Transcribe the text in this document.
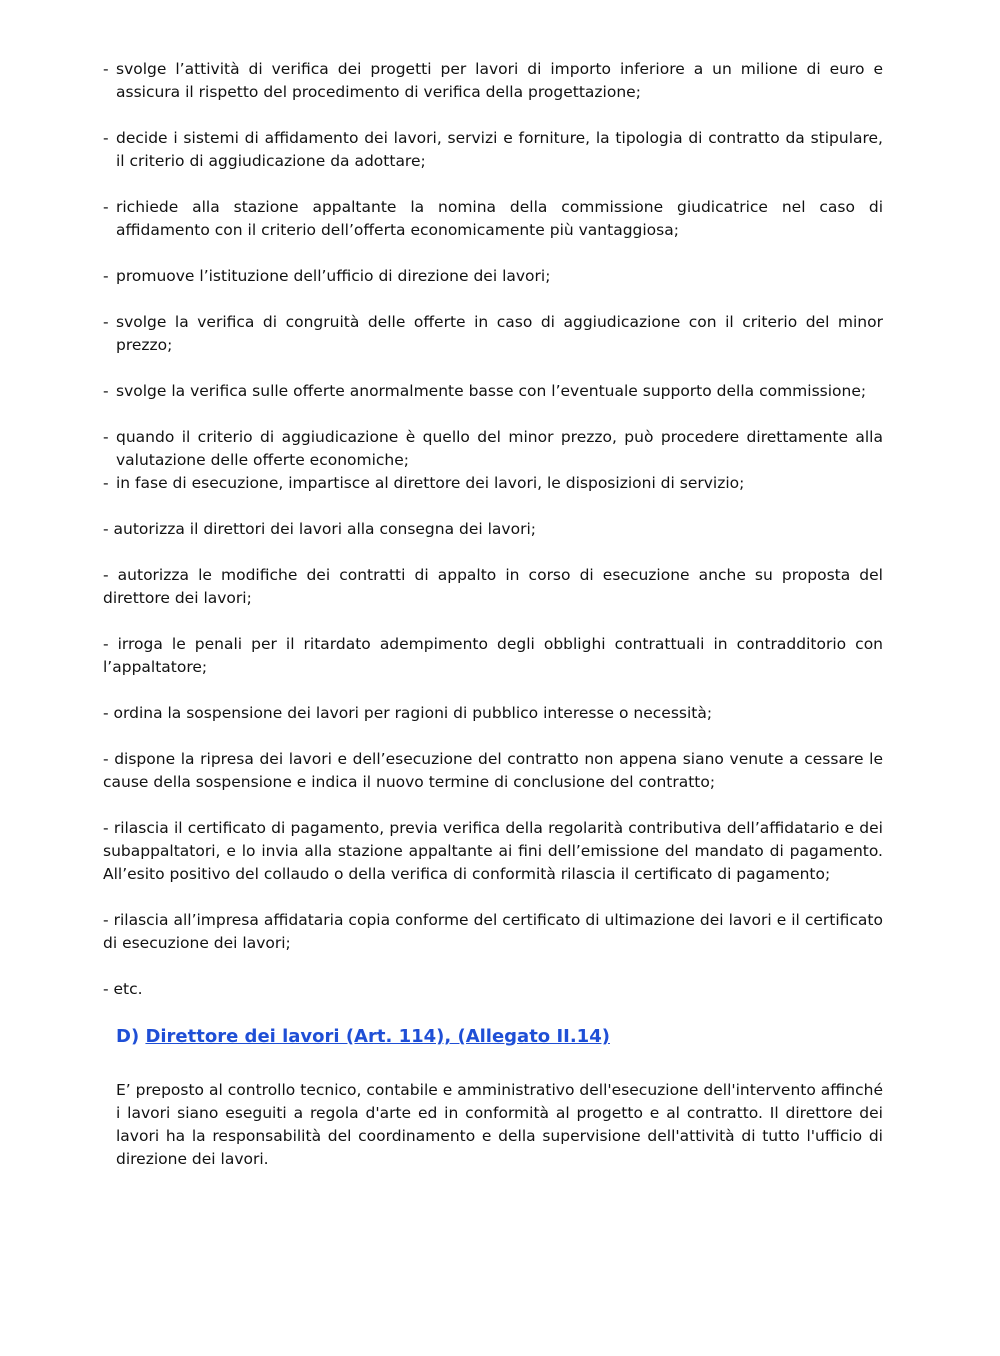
- svolge l’attività di verifica dei progetti per lavori di importo inferiore a un milione di euro e assicura il rispetto del procedimento di verifica della progettazione;
- decide i sistemi di affidamento dei lavori, servizi e forniture, la tipologia di contratto da stipulare, il criterio di aggiudicazione da adottare;
- richiede alla stazione appaltante la nomina della commissione giudicatrice nel caso di affidamento con il criterio dell’offerta economicamente più vantaggiosa;
- promuove l’istituzione dell’ufficio di direzione dei lavori;
- svolge la verifica di congruità delle offerte in caso di aggiudicazione con il criterio del minor prezzo;
- svolge la verifica sulle offerte anormalmente basse con l’eventuale supporto della commissione;
- quando il criterio di aggiudicazione è quello del minor prezzo, può procedere direttamente alla valutazione delle offerte economiche;
- in fase di esecuzione, impartisce al direttore dei lavori, le disposizioni di servizio;

- autorizza il direttori dei lavori alla consegna dei lavori;

- autorizza le modifiche dei contratti di appalto in corso di esecuzione anche su proposta del direttore dei lavori;

- irroga le penali per il ritardato adempimento degli obblighi contrattuali in contradditorio con l’appaltatore;

- ordina la sospensione dei lavori per ragioni di pubblico interesse o necessità;

- dispone la ripresa dei lavori e dell’esecuzione del contratto non appena siano venute a cessare le cause della sospensione e indica il nuovo termine di conclusione del contratto;

- rilascia il certificato di pagamento, previa verifica della regolarità contributiva dell’affidatario e dei subappaltatori, e lo invia alla stazione appaltante ai fini dell’emissione del mandato di pagamento. All’esito positivo del collaudo o della verifica di conformità rilascia il certificato di pagamento;

- rilascia all’impresa affidataria copia conforme del certificato di ultimazione dei lavori e il certificato di esecuzione dei lavori;

- etc.

D) Direttore dei lavori (Art. 114), (Allegato II.14)

E’ preposto al controllo tecnico, contabile e amministrativo dell'esecuzione dell'intervento affinché i lavori siano eseguiti a regola d'arte ed in conformità al progetto e al contratto. Il direttore dei lavori ha la responsabilità del coordinamento e della supervisione dell'attività di tutto l'ufficio di direzione dei lavori.
